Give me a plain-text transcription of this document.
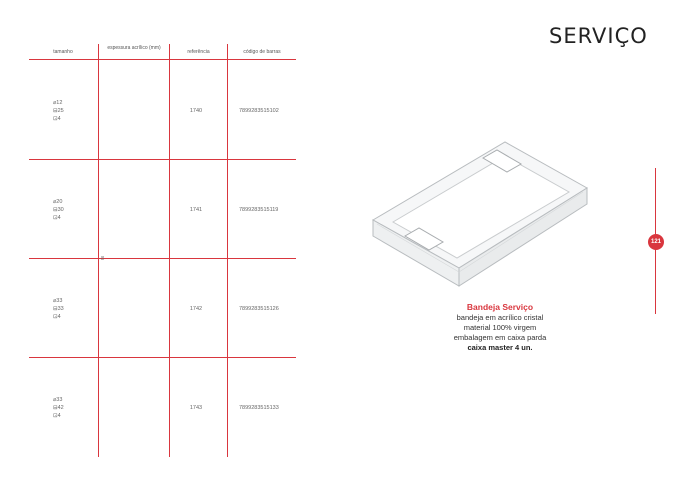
SERVIÇO
tamanho
espessura acrílico (mm)
referência	código de barras
⌀12
⊟25
⊡4
1740	7899283515102
⌀20
⊟30
⊡4
1741	7899283515119
⌀33
⊟33
⊡4
1742	7899283515126
⌀33
⊟42
⊡4
1743	7899283515133
8
Bandeja Serviço
bandeja em acrílico cristal
material 100% virgem
embalagem em caixa parda
caixa master 4 un.
121
